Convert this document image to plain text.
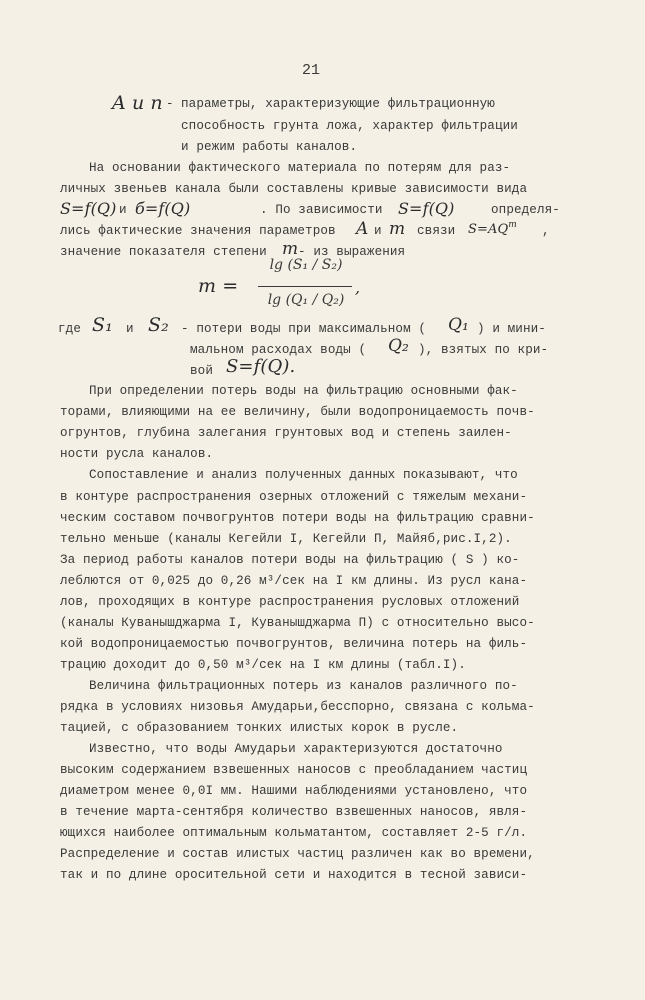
21
A и n - параметры, характеризующие фильтрационную
способность грунта ложа, характер фильтрации
и режим работы каналов.
На основании фактического материала по потерям для раз-
личных звеньев канала были составлены кривые зависимости вида
S=f(Q) и б=f(Q)	. По зависимости S=f(Q)	определя-
лись фактические значения параметров A и m связи $S=AQ^m$ ,
значение показателя степени m - из выражения
m =
lg (S₁ / S₂)
lg (Q₁ / Q₂)
,
где S₁ и S₂ - потери воды при максимальном ( Q₁ ) и мини-
мальном расходах воды ( Q₂ ), взятых по кри-
вой S=f(Q).
При определении потерь воды на фильтрацию основными фак-
торами, влияющими на ее величину, были водопроницаемость почв-
огрунтов, глубина залегания грунтовых вод и степень заилен-
ности русла каналов.
Сопоставление и анализ полученных данных показывают, что
в контуре распространения озерных отложений с тяжелым механи-
ческим составом почвогрунтов потери воды на фильтрацию сравни-
тельно меньше (каналы Кегейли I, Кегейли П, Майяб,рис.I,2).
За период работы каналов потери воды на фильтрацию ( S ) ко-
леблются от 0,025 до 0,26 м³/сек на I км длины. Из русл кана-
лов, проходящих в контуре распространения русловых отложений
(каналы Куванышджарма I, Куванышджарма П) с относительно высо-
кой водопроницаемостью почвогрунтов, величина потерь на филь-
трацию доходит до 0,50 м³/сек на I км длины (табл.I).
Величина фильтрационных потерь из каналов различного по-
рядка в условиях низовья Амударьи,бесспорно, связана с кольма-
тацией, с образованием тонких илистых корок в русле.
Известно, что воды Амударьи характеризуются достаточно
высоким содержанием взвешенных наносов с преобладанием частиц
диаметром менее 0,0I мм. Нашими наблюдениями установлено, что
в течение марта-сентября количество взвешенных наносов, явля-
ющихся наиболее оптимальным кольматантом, составляет 2-5 г/л.
Распределение и состав илистых частиц различен как во времени,
так и по длине оросительной сети и находится в тесной зависи-
